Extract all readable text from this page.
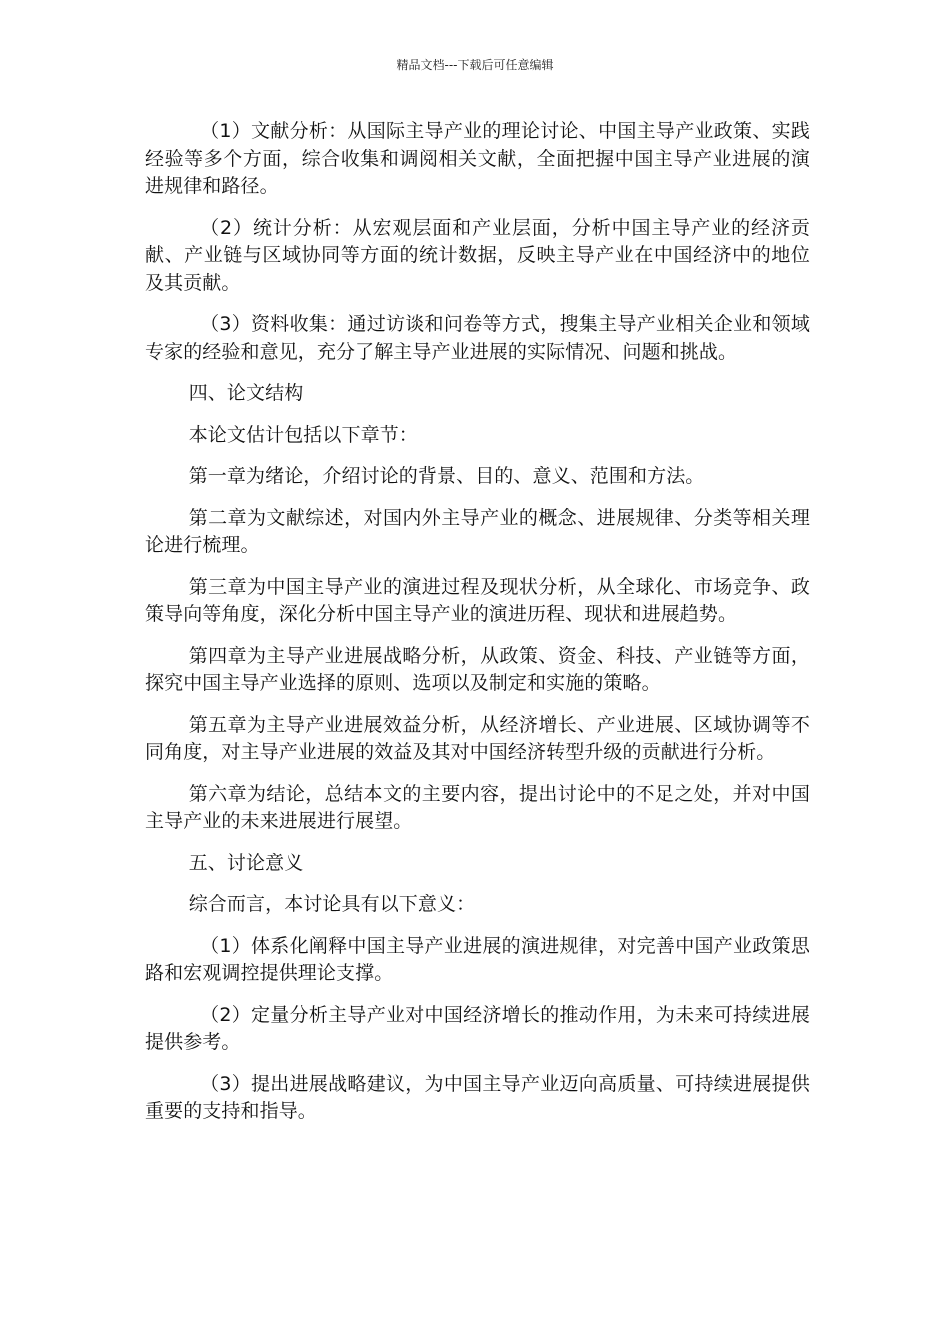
精品文档---下载后可任意编辑

（1）文献分析：从国际主导产业的理论讨论、中国主导产业政策、实践经验等多个方面，综合收集和调阅相关文献，全面把握中国主导产业进展的演进规律和路径。

（2）统计分析：从宏观层面和产业层面，分析中国主导产业的经济贡献、产业链与区域协同等方面的统计数据，反映主导产业在中国经济中的地位及其贡献。

（3）资料收集：通过访谈和问卷等方式，搜集主导产业相关企业和领域专家的经验和意见，充分了解主导产业进展的实际情况、问题和挑战。

四、论文结构

本论文估计包括以下章节：

第一章为绪论，介绍讨论的背景、目的、意义、范围和方法。

第二章为文献综述，对国内外主导产业的概念、进展规律、分类等相关理论进行梳理。

第三章为中国主导产业的演进过程及现状分析，从全球化、市场竞争、政策导向等角度，深化分析中国主导产业的演进历程、现状和进展趋势。

第四章为主导产业进展战略分析，从政策、资金、科技、产业链等方面，探究中国主导产业选择的原则、选项以及制定和实施的策略。

第五章为主导产业进展效益分析，从经济增长、产业进展、区域协调等不同角度，对主导产业进展的效益及其对中国经济转型升级的贡献进行分析。

第六章为结论，总结本文的主要内容，提出讨论中的不足之处，并对中国主导产业的未来进展进行展望。

五、讨论意义

综合而言，本讨论具有以下意义：

（1）体系化阐释中国主导产业进展的演进规律，对完善中国产业政策思路和宏观调控提供理论支撑。

（2）定量分析主导产业对中国经济增长的推动作用，为未来可持续进展提供参考。

（3）提出进展战略建议，为中国主导产业迈向高质量、可持续进展提供重要的支持和指导。
